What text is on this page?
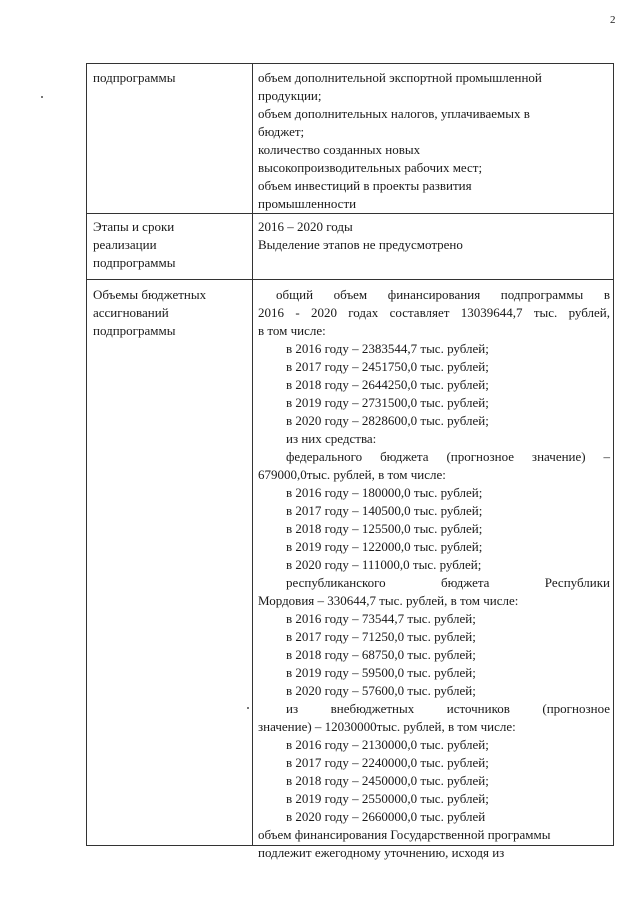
2
подпрограммы	объем дополнительной экспортной промышленной
продукции;
объем дополнительных налогов, уплачиваемых в
бюджет;
количество созданных новых
высокопроизводительных рабочих мест;
объем инвестиций в проекты развития
промышленности
Этапы и сроки
реализации
подпрограммы
2016 – 2020 годы
Выделение этапов не предусмотрено
Объемы бюджетных
ассигнований
подпрограммы
общий объем финансирования подпрограммы в
2016 - 2020 годах составляет 13039644,7 тыс. рублей,
в том числе:
в 2016 году – 2383544,7 тыс. рублей;
в 2017 году – 2451750,0 тыс. рублей;
в 2018 году – 2644250,0 тыс. рублей;
в 2019 году – 2731500,0 тыс. рублей;
в 2020 году – 2828600,0 тыс. рублей;
из них средства:
федерального бюджета (прогнозное значение) –
679000,0тыс. рублей, в том числе:
в 2016 году – 180000,0 тыс. рублей;
в 2017 году – 140500,0 тыс. рублей;
в 2018 году – 125500,0 тыс. рублей;
в 2019 году – 122000,0 тыс. рублей;
в 2020 году – 111000,0 тыс. рублей;
республиканского бюджета Республики
Мордовия – 330644,7 тыс. рублей, в том числе:
в 2016 году – 73544,7 тыс. рублей;
в 2017 году – 71250,0 тыс. рублей;
в 2018 году – 68750,0 тыс. рублей;
в 2019 году – 59500,0 тыс. рублей;
в 2020 году – 57600,0 тыс. рублей;
из внебюджетных источников (прогнозное
значение) – 12030000тыс. рублей, в том числе:
в 2016 году – 2130000,0 тыс. рублей;
в 2017 году – 2240000,0 тыс. рублей;
в 2018 году – 2450000,0 тыс. рублей;
в 2019 году – 2550000,0 тыс. рублей;
в 2020 году – 2660000,0 тыс. рублей
объем финансирования Государственной программы
подлежит ежегодному уточнению, исходя из
